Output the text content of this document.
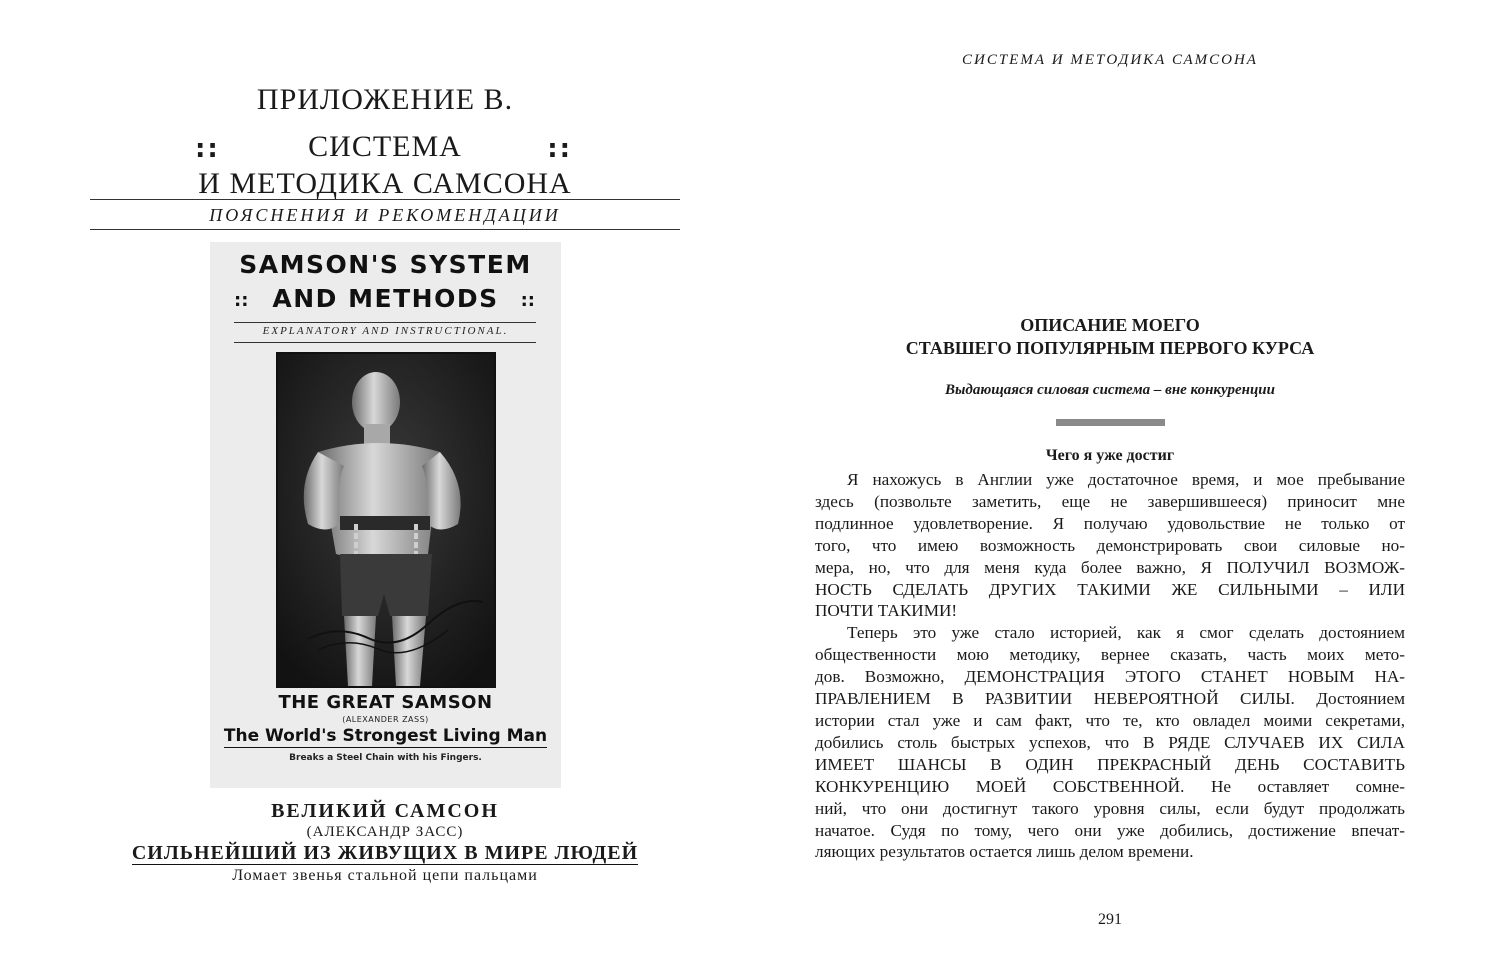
ПРИЛОЖЕНИЕ В.
::	СИСТЕМА

И МЕТОДИКА САМСОНА

::
ПОЯСНЕНИЯ И РЕКОМЕНДАЦИИ
SAMSON'S SYSTEM
:: AND METHODS	::
EXPLANATORY AND INSTRUCTIONAL.
THE GREAT SAMSON
(ALEXANDER ZASS)
The World's Strongest Living Man
Breaks a Steel Chain with his Fingers.
ВЕЛИКИЙ САМСОН
(АЛЕКСАНДР ЗАСС)
СИЛЬНЕЙШИЙ ИЗ ЖИВУЩИХ В МИРЕ ЛЮДЕЙ
Ломает звенья стальной цепи пальцами
СИСТЕМА И МЕТОДИКА САМСОНА
ОПИСАНИЕ МОЕГО
СТАВШЕГО ПОПУЛЯРНЫМ ПЕРВОГО КУРСА
Выдающаяся силовая система – вне конкуренции
Чего я уже достиг
Я нахожусь в Англии уже достаточное время, и мое пребывание
здесь (позвольте заметить, еще не завершившееся) приносит мне
подлинное удовлетворение. Я получаю удовольствие не только от
того, что имею возможность демонстрировать свои силовые но-
мера, но, что для меня куда более важно, Я ПОЛУЧИЛ ВОЗМОЖ-
НОСТЬ СДЕЛАТЬ ДРУГИХ ТАКИМИ ЖЕ СИЛЬНЫМИ – ИЛИ
ПОЧТИ ТАКИМИ!
Теперь это уже стало историей, как я смог сделать достоянием
общественности мою методику, вернее сказать, часть моих мето-
дов. Возможно, ДЕМОНСТРАЦИЯ ЭТОГО СТАНЕТ НОВЫМ НА-
ПРАВЛЕНИЕМ В РАЗВИТИИ НЕВЕРОЯТНОЙ СИЛЫ. Достоянием
истории стал уже и сам факт, что те, кто овладел моими секретами,
добились столь быстрых успехов, что В РЯДЕ СЛУЧАЕВ ИХ СИЛА
ИМЕЕТ ШАНСЫ В ОДИН ПРЕКРАСНЫЙ ДЕНЬ СОСТАВИТЬ
КОНКУРЕНЦИЮ МОЕЙ СОБСТВЕННОЙ. Не оставляет сомне-
ний, что они достигнут такого уровня силы, если будут продолжать
начатое. Судя по тому, чего они уже добились, достижение впечат-
ляющих результатов остается лишь делом времени.
291
